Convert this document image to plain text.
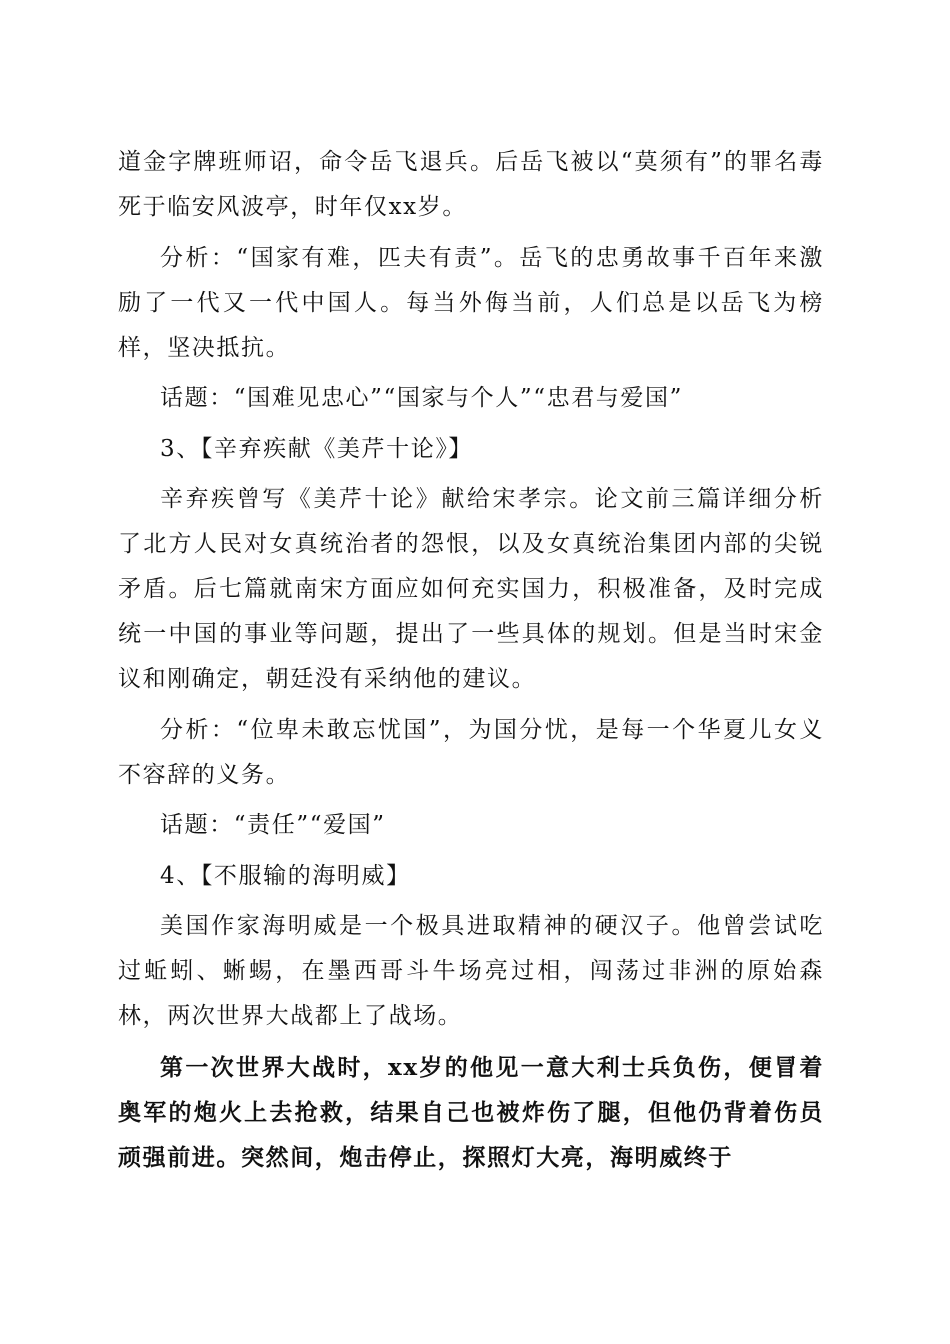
道金字牌班师诏，命令岳飞退兵。后岳飞被以“莫须有”的罪名毒死于临安风波亭，时年仅xx岁。

分析：“国家有难，匹夫有责”。岳飞的忠勇故事千百年来激励了一代又一代中国人。每当外侮当前，人们总是以岳飞为榜样，坚决抵抗。

话题：“国难见忠心”“国家与个人”“忠君与爱国”

3、【辛弃疾献《美芹十论》】

辛弃疾曾写《美芹十论》献给宋孝宗。论文前三篇详细分析了北方人民对女真统治者的怨恨，以及女真统治集团内部的尖锐矛盾。后七篇就南宋方面应如何充实国力，积极准备，及时完成统一中国的事业等问题，提出了一些具体的规划。但是当时宋金议和刚确定，朝廷没有采纳他的建议。

分析：“位卑未敢忘忧国”，为国分忧，是每一个华夏儿女义不容辞的义务。

话题：“责任”“爱国”

4、【不服输的海明威】

美国作家海明威是一个极具进取精神的硬汉子。他曾尝试吃过蚯蚓、蜥蜴，在墨西哥斗牛场亮过相，闯荡过非洲的原始森林，两次世界大战都上了战场。

第一次世界大战时，xx岁的他见一意大利士兵负伤，便冒着奥军的炮火上去抢救，结果自己也被炸伤了腿，但他仍背着伤员顽强前进。突然间，炮击停止，探照灯大亮，海明威终于
